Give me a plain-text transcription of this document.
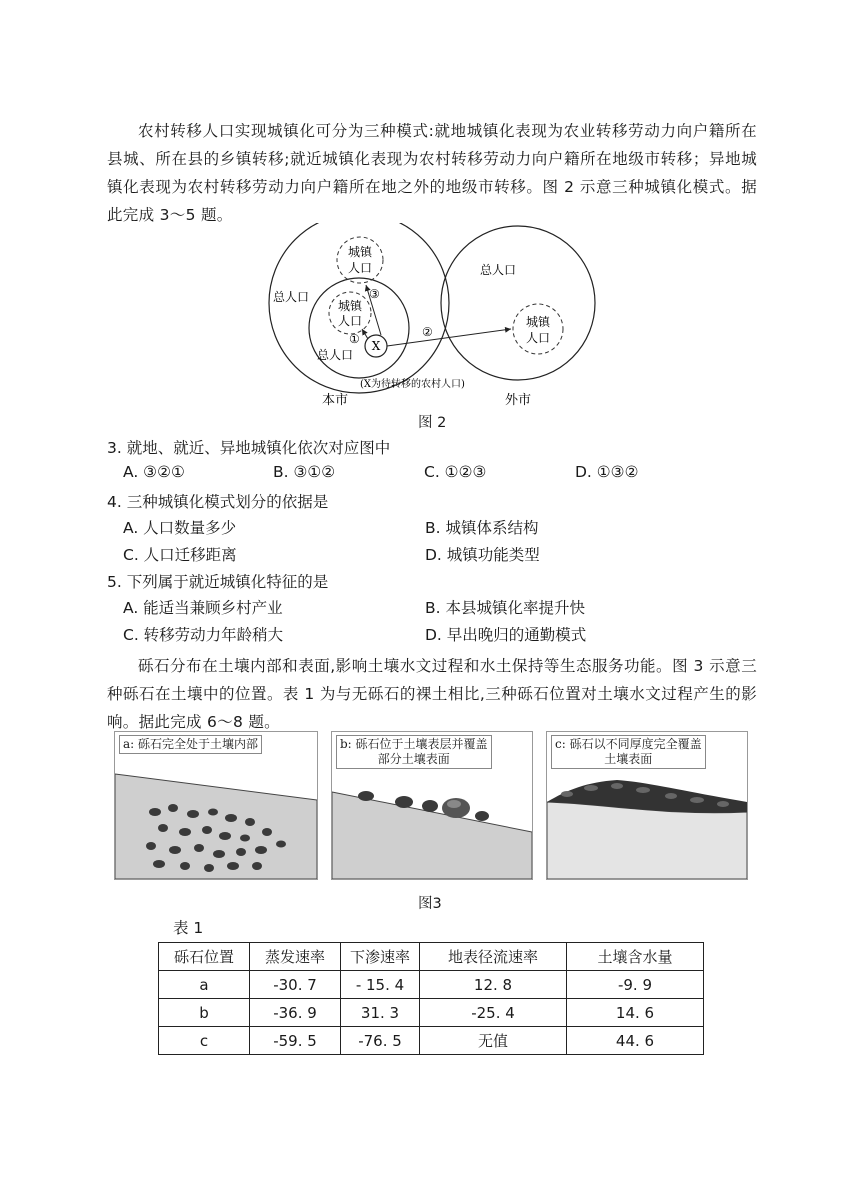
农村转移人口实现城镇化可分为三种模式:就地城镇化表现为农业转移劳动力向户籍所在县城、所在县的乡镇转移;就近城镇化表现为农村转移劳动力向户籍所在地级市转移；异地城镇化表现为农村转移劳动力向户籍所在地之外的地级市转移。图 2 示意三种城镇化模式。据此完成 3～5 题。
城镇
人口
城镇
人口	城镇
人口
总人口
总人口
总人口
X
①
③
②
(X为待转移的农村人口)
本市	外市
图 2
3. 就地、就近、异地城镇化依次对应图中
A. ③②①	B. ③①②	C. ①②③	D. ①③②
4. 三种城镇化模式划分的依据是
A. 人口数量多少	B. 城镇体系结构
C. 人口迁移距离	D. 城镇功能类型
5. 下列属于就近城镇化特征的是
A. 能适当兼顾乡村产业	B. 本县城镇化率提升快
C. 转移劳动力年龄稍大	D. 早出晚归的通勤模式
砾石分布在土壤内部和表面,影响土壤水文过程和水土保持等生态服务功能。图 3 示意三种砾石在土壤中的位置。表 1 为与无砾石的裸土相比,三种砾石位置对土壤水文过程产生的影响。据此完成 6～8 题。
a: 砾石完全处于土壤内部	b: 砾石位于土壤表层并覆盖
部分土壤表面
c: 砾石以不同厚度完全覆盖
土壤表面
图3
表 1
砾石位置	蒸发速率	下渗速率	地表径流速率	土壤含水量
a	-30. 7	- 15. 4	12. 8	-9. 9
b	-36. 9	31. 3	-25. 4	14. 6
c	-59. 5	-76. 5	无值	44. 6
